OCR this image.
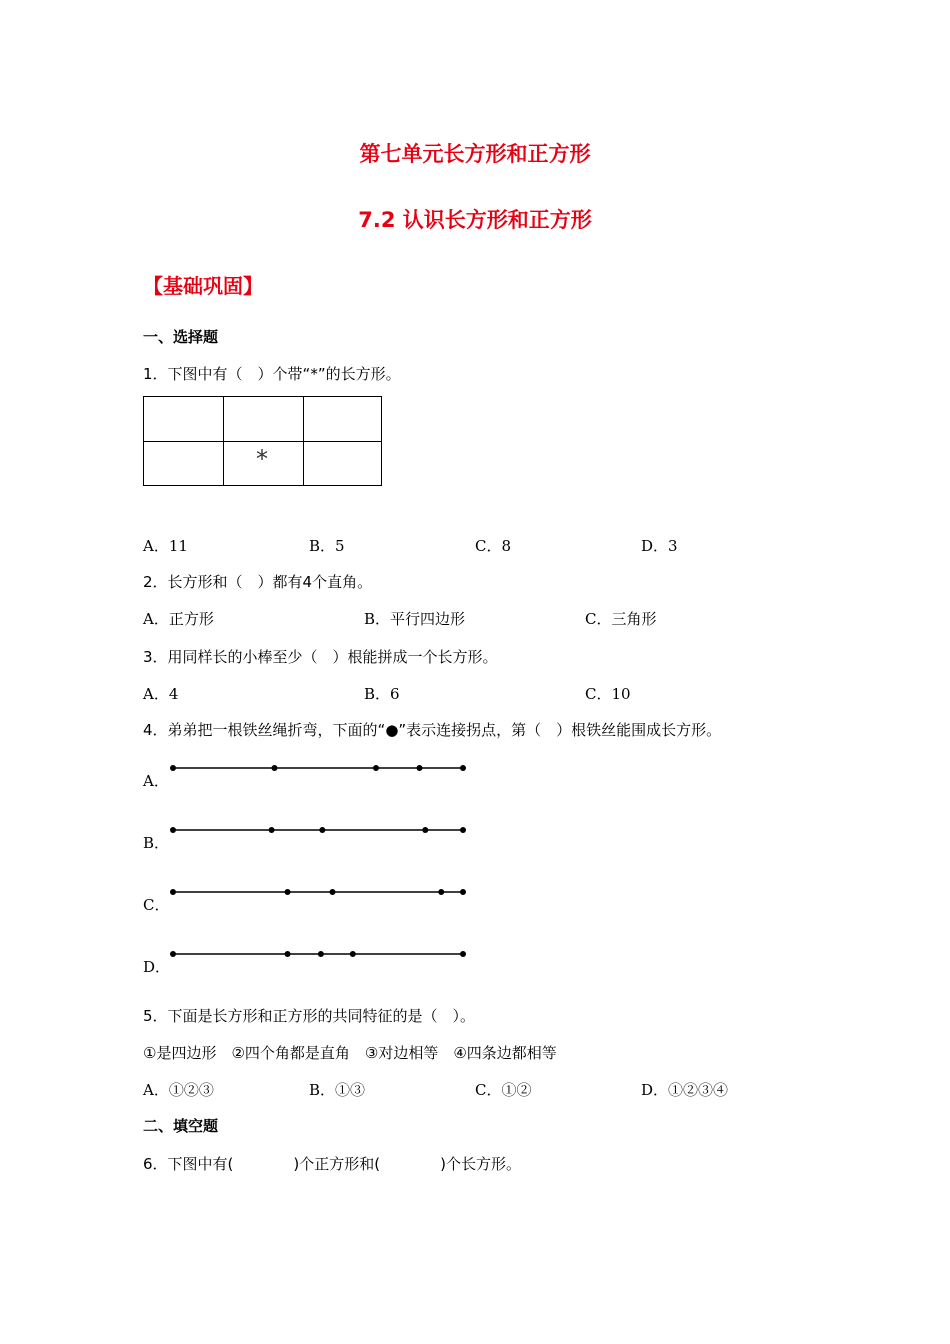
第七单元长方形和正方形
7.2 认识长方形和正方形
【基础巩固】
一、选择题
1．下图中有（　）个带“*”的长方形。
*
A．11	B．5	C．8	D．3
2．长方形和（　）都有4个直角。
A．正方形	B．平行四边形	C．三角形
3．用同样长的小棒至少（　）根能拼成一个长方形。
A．4	B．6	C．10
4．弟弟把一根铁丝绳折弯，下面的“●”表示连接拐点，第（　）根铁丝能围成长方形。
A．
B．
C．
D．
5．下面是长方形和正方形的共同特征的是（　）。
①是四边形　②四个角都是直角　③对边相等　④四条边都相等
A．①②③	B．①③	C．①②	D．①②③④
二、填空题
6．下图中有(　　　　)个正方形和(　　　　)个长方形。
